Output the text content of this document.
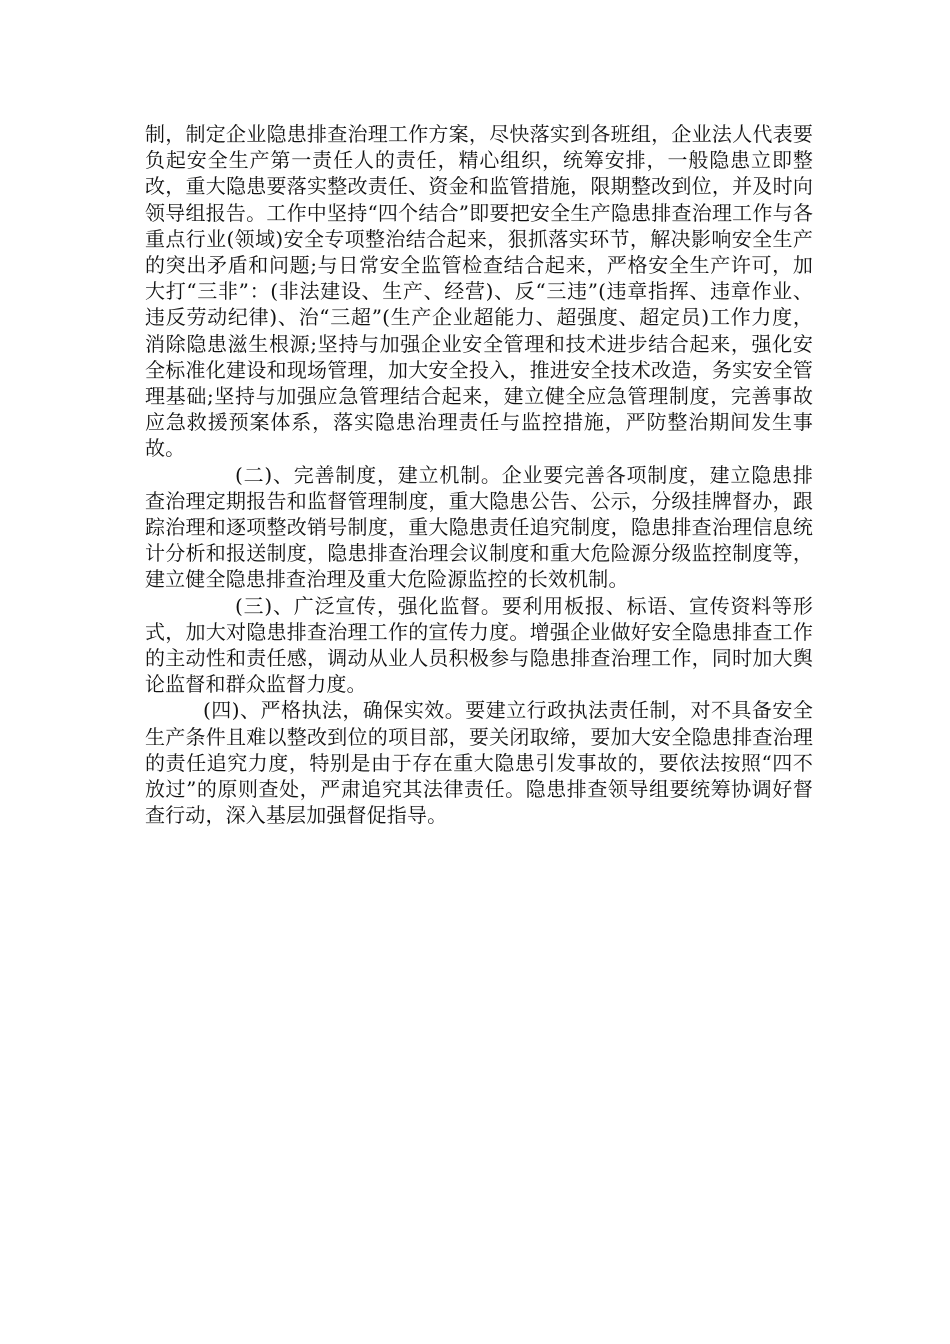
制，制定企业隐患排查治理工作方案，尽快落实到各班组，企业法人代表要负起安全生产第一责任人的责任，精心组织，统筹安排，一般隐患立即整改，重大隐患要落实整改责任、资金和监管措施，限期整改到位，并及时向领导组报告。工作中坚持“四个结合”即要把安全生产隐患排查治理工作与各重点行业(领域)安全专项整治结合起来，狠抓落实环节，解决影响安全生产的突出矛盾和问题;与日常安全监管检查结合起来，严格安全生产许可，加大打“三非”：(非法建设、生产、经营)、反“三违”(违章指挥、违章作业、违反劳动纪律)、治“三超”(生产企业超能力、超强度、超定员)工作力度，消除隐患滋生根源;坚持与加强企业安全管理和技术进步结合起来，强化安全标准化建设和现场管理，加大安全投入，推进安全技术改造，务实安全管理基础;坚持与加强应急管理结合起来，建立健全应急管理制度，完善事故应急救援预案体系，落实隐患治理责任与监控措施，严防整治期间发生事故。

(二)、完善制度，建立机制。企业要完善各项制度，建立隐患排查治理定期报告和监督管理制度，重大隐患公告、公示，分级挂牌督办，跟踪治理和逐项整改销号制度，重大隐患责任追究制度，隐患排查治理信息统计分析和报送制度，隐患排查治理会议制度和重大危险源分级监控制度等，建立健全隐患排查治理及重大危险源监控的长效机制。

(三)、广泛宣传，强化监督。要利用板报、标语、宣传资料等形式，加大对隐患排查治理工作的宣传力度。增强企业做好安全隐患排查工作的主动性和责任感，调动从业人员积极参与隐患排查治理工作，同时加大舆论监督和群众监督力度。

(四)、严格执法，确保实效。要建立行政执法责任制，对不具备安全生产条件且难以整改到位的项目部，要关闭取缔，要加大安全隐患排查治理的责任追究力度，特别是由于存在重大隐患引发事故的，要依法按照“四不放过”的原则查处，严肃追究其法律责任。隐患排查领导组要统筹协调好督查行动，深入基层加强督促指导。
